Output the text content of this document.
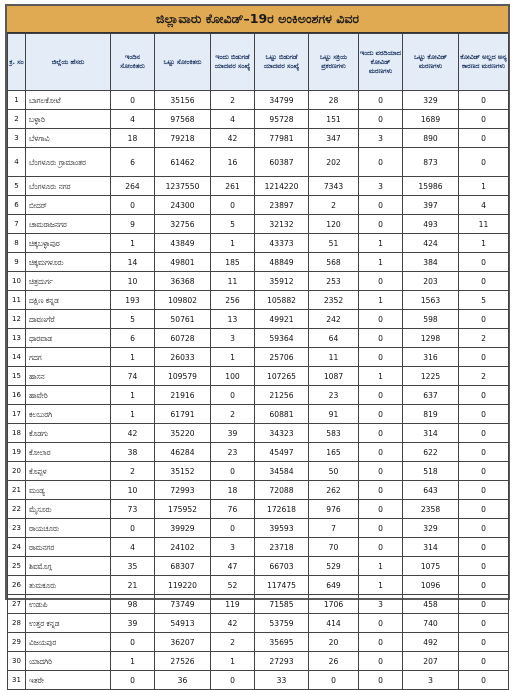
ಜಿಲ್ಲಾವಾರು ಕೋವಿಡ್–19ರ ಅಂಕಿಅಂಶಗಳ ವಿವರ
ಕ್ರ. ಸಂ	ಜಿಲ್ಲೆಯ ಹೆಸರು	ಇಂದಿನ ಸೋಂಕಿತರು	ಒಟ್ಟು ಸೋಂಕಿತರು	ಇಂದು ಬಿಡುಗಡೆ ಯಾದವರ ಸಂಖ್ಯೆ	ಒಟ್ಟು ಬಿಡುಗಡೆ ಯಾದವರ ಸಂಖ್ಯೆ	ಒಟ್ಟು ಸಕ್ರಿಯ ಪ್ರಕರಣಗಳು	ಇಂದು ವರದಿಯಾದ ಕೋವಿಡ್ ಮರಣಗಳು	ಒಟ್ಟು ಕೋವಿಡ್ ಮರಣಗಳು	ಕೋವಿಡ್ ಅಲ್ಲದ ಅನ್ಯ ಕಾರಣದ ಮರಣಗಳು
1	ಬಾಗಲಕೋಟೆ	0	35156	2	34799	28	0	329	0
2	ಬಳ್ಳಾರಿ	4	97568	4	95728	151	0	1689	0
3	ಬೆಳಗಾವಿ	18	79218	42	77981	347	3	890	0
4	ಬೆಂಗಳೂರು ಗ್ರಾಮಾಂತರ	6	61462	16	60387	202	0	873	0
5	ಬೆಂಗಳೂರು ನಗರ	264	1237550	261	1214220	7343	3	15986	1
6	ಬೀದರ್	0	24300	0	23897	2	0	397	4
7	ಚಾಮರಾಜನಗರ	9	32756	5	32132	120	0	493	11
8	ಚಿಕ್ಕಬಳ್ಳಾಪುರ	1	43849	1	43373	51	1	424	1
9	ಚಿಕ್ಕಮಗಳೂರು	14	49801	185	48849	568	1	384	0
10	ಚಿತ್ರದುರ್ಗ	10	36368	11	35912	253	0	203	0
11	ದಕ್ಷಿಣ ಕನ್ನಡ	193	109802	256	105882	2352	1	1563	5
12	ದಾವಣಗೆರೆ	5	50761	13	49921	242	0	598	0
13	ಧಾರವಾಡ	6	60728	3	59364	64	0	1298	2
14	ಗದಗ	1	26033	1	25706	11	0	316	0
15	ಹಾಸನ	74	109579	100	107265	1087	1	1225	2
16	ಹಾವೇರಿ	1	21916	0	21256	23	0	637	0
17	ಕಲಬುರಗಿ	1	61791	2	60881	91	0	819	0
18	ಕೊಡಗು	42	35220	39	34323	583	0	314	0
19	ಕೋಲಾರ	38	46284	23	45497	165	0	622	0
20	ಕೊಪ್ಪಳ	2	35152	0	34584	50	0	518	0
21	ಮಂಡ್ಯ	10	72993	18	72088	262	0	643	0
22	ಮೈಸೂರು	73	175952	76	172618	976	0	2358	0
23	ರಾಯಚೂರು	0	39929	0	39593	7	0	329	0
24	ರಾಮನಗರ	4	24102	3	23718	70	0	314	0
25	ಶಿವಮೊಗ್ಗ	35	68307	47	66703	529	1	1075	0
26	ತುಮಕೂರು	21	119220	52	117475	649	1	1096	0
27	ಉಡುಪಿ	98	73749	119	71585	1706	3	458	0
28	ಉತ್ತರ ಕನ್ನಡ	39	54913	42	53759	414	0	740	0
29	ವಿಜಯಪುರ	0	36207	2	35695	20	0	492	0
30	ಯಾದಗಿರಿ	1	27526	1	27293	26	0	207	0
31	ಇತರೇ	0	36	0	33	0	0	3	0
